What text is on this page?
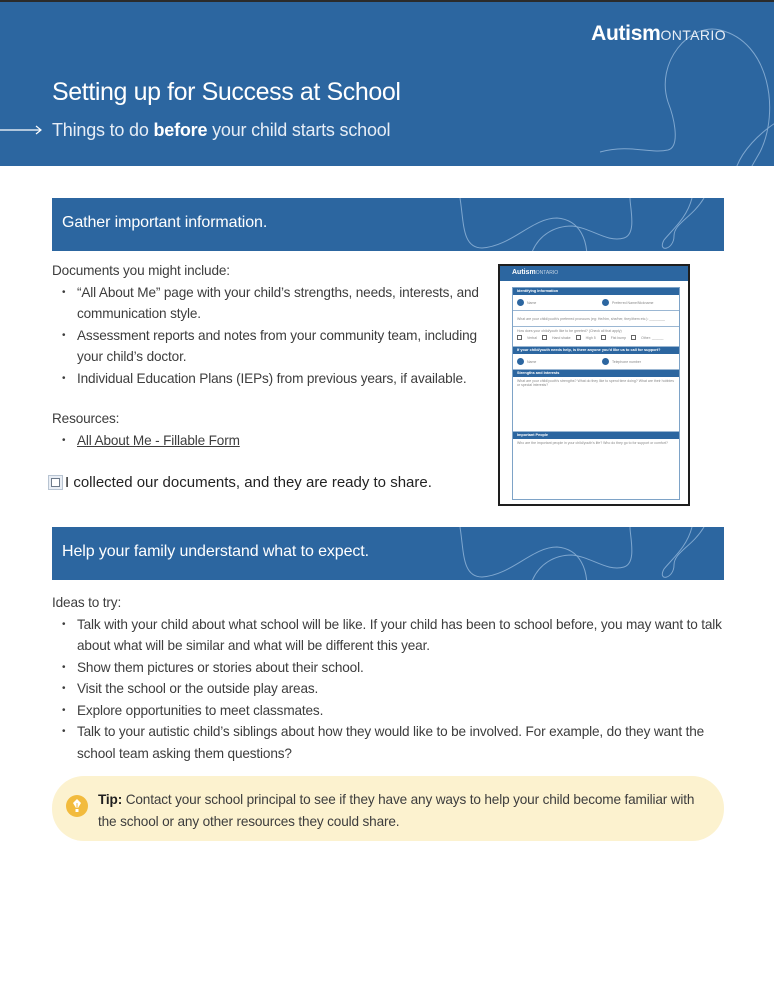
AutismONTARIO
Setting up for Success at School
Things to do before your child starts school
Gather important information.
Documents you might include:
• “All About Me” page with your child’s strengths, needs, interests, and communication style.
• Assessment reports and notes from your community team, including your child’s doctor.
• Individual Education Plans (IEPs) from previous years, if available.
Resources:
• All About Me - Fillable Form
I collected our documents, and they are ready to share.
AutismONTARIO
Identifying Information
Name	Preferred Name/Nickname
What are your child/youth’s preferred pronouns (eg: He/him, she/her, they/them etc.): ________
How does your child/youth like to be greeted? (Check all that apply)
Verbal	Hand shake	High 5	Fist bump	Other: ______
If your child/youth needs help, is there anyone you’d like us to call for support?
Name	Telephone number
Strengths and Interests
What are your child/youth’s strengths? What do they like to spend time doing? What are their hobbies or special interests?
Important People
Who are the important people in your child/youth’s life? Who do they go to for support or comfort?
Help your family understand what to expect.
Ideas to try:
• Talk with your child about what school will be like. If your child has been to school before, you may want to talk about what will be similar and what will be different this year.
• Show them pictures or stories about their school.
• Visit the school or the outside play areas.
• Explore opportunities to meet classmates.
• Talk to your autistic child’s siblings about how they would like to be involved. For example, do they want the school team asking them questions?
Tip: Contact your school principal to see if they have any ways to help your child become familiar with the school or any other resources they could share.
